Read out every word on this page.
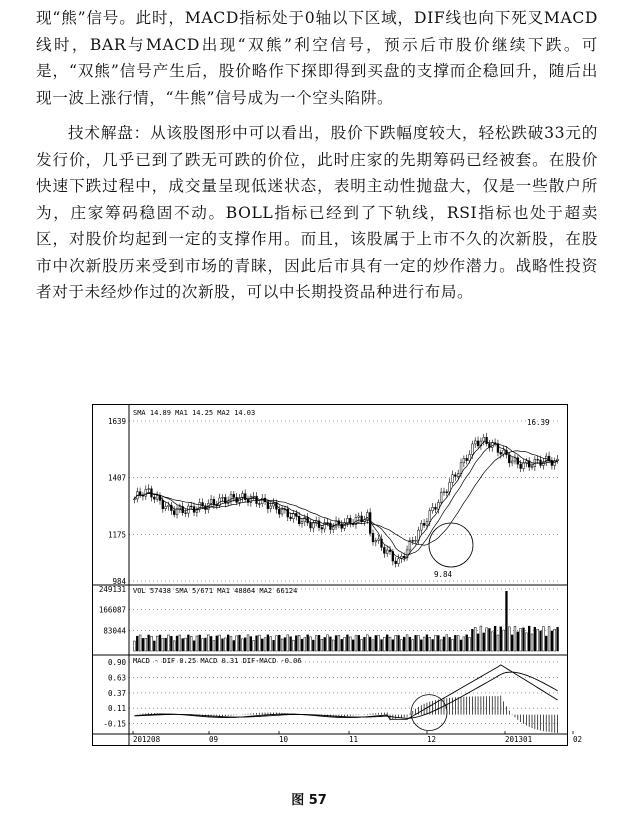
现“熊”信号。此时，MACD指标处于0轴以下区域，DIF线也向下死叉MACD线时，BAR与MACD出现“双熊”利空信号，预示后市股价继续下跌。可是，“双熊”信号产生后，股价略作下探即得到买盘的支撑而企稳回升，随后出现一波上涨行情，“牛熊”信号成为一个空头陷阱。

技术解盘：从该股图形中可以看出，股价下跌幅度较大，轻松跌破33元的发行价，几乎已到了跌无可跌的价位，此时庄家的先期筹码已经被套。在股价快速下跌过程中，成交量呈现低迷状态，表明主动性抛盘大，仅是一些散户所为，庄家筹码稳固不动。BOLL指标已经到了下轨线，RSI指标也处于超卖区，对股价均起到一定的支撑作用。而且，该股属于上市不久的次新股，在股市中次新股历来受到市场的青睐，因此后市具有一定的炒作潜力。战略性投资者对于未经炒作过的次新股，可以中长期投资品种进行布局。

SMA 14.89 MA1 14.25 MA2 14.03
VOL 57438 SMA 5/671 MA1 48864 MA2 66124
MACD - DIF 0.25 MACD 0.31 DIF-MACD -0.06
1639
1407
1175
984
249131
166087
83044
0.90
0.63
0.37
0.11
-0.15
201208	09	10	11	12	201301	02
16.39
9.84
图 57
